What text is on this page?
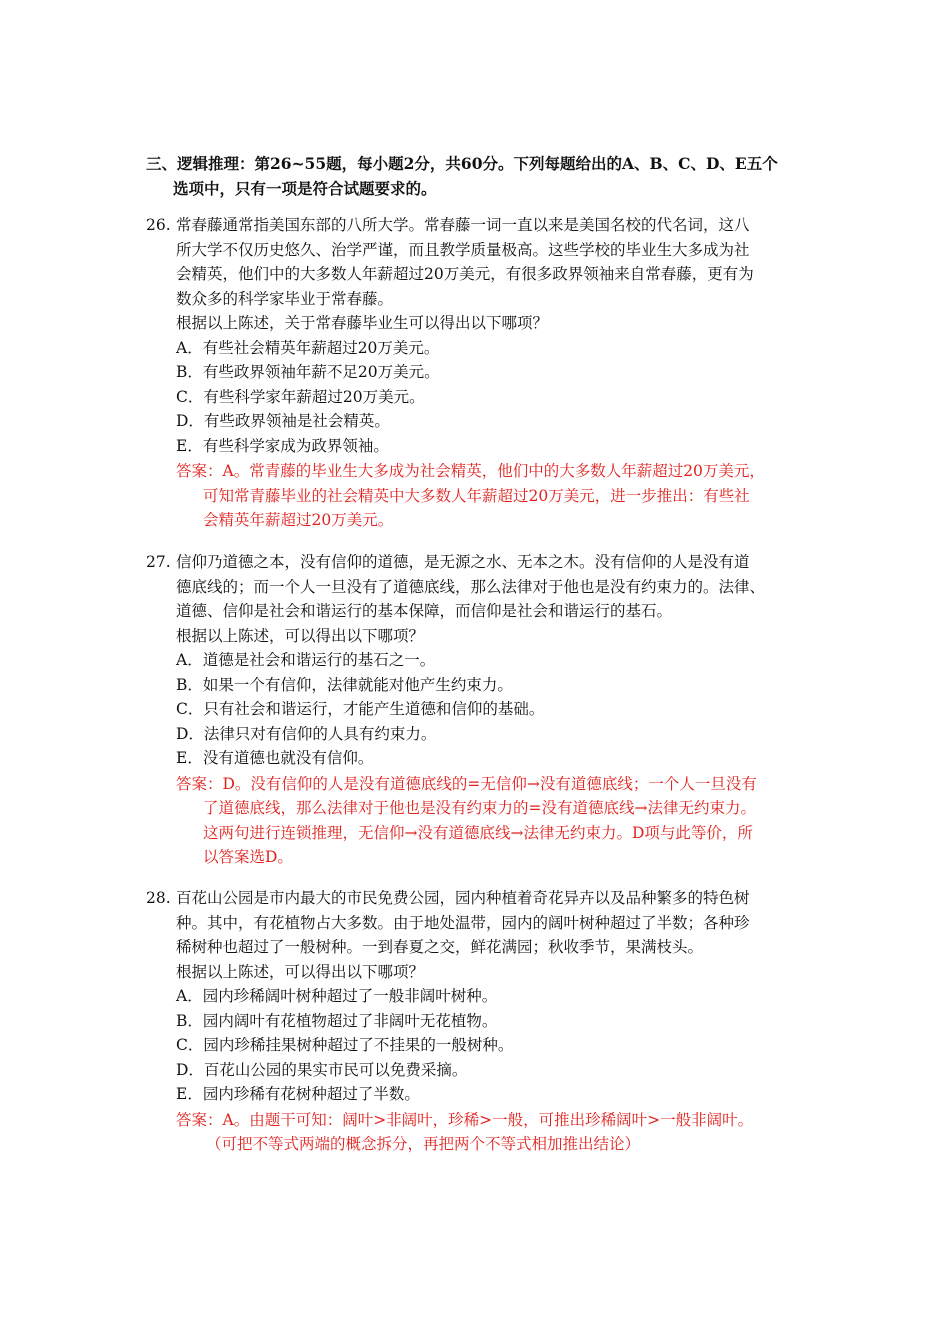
三、逻辑推理：第26~55题，每小题2分，共60分。下列每题给出的A、B、C、D、E五个
选项中，只有一项是符合试题要求的。
26. 常春藤通常指美国东部的八所大学。常春藤一词一直以来是美国名校的代名词，这八
所大学不仅历史悠久、治学严谨，而且教学质量极高。这些学校的毕业生大多成为社
会精英，他们中的大多数人年薪超过20万美元，有很多政界领袖来自常春藤，更有为
数众多的科学家毕业于常春藤。
根据以上陈述，关于常春藤毕业生可以得出以下哪项？
A．有些社会精英年薪超过20万美元。
B．有些政界领袖年薪不足20万美元。
C．有些科学家年薪超过20万美元。
D．有些政界领袖是社会精英。
E．有些科学家成为政界领袖。
答案：A。常青藤的毕业生大多成为社会精英，他们中的大多数人年薪超过20万美元，
可知常青藤毕业的社会精英中大多数人年薪超过20万美元，进一步推出：有些社
会精英年薪超过20万美元。
27. 信仰乃道德之本，没有信仰的道德，是无源之水、无本之木。没有信仰的人是没有道
德底线的；而一个人一旦没有了道德底线，那么法律对于他也是没有约束力的。法律、
道德、信仰是社会和谐运行的基本保障，而信仰是社会和谐运行的基石。
根据以上陈述，可以得出以下哪项？
A．道德是社会和谐运行的基石之一。
B．如果一个有信仰，法律就能对他产生约束力。
C．只有社会和谐运行，才能产生道德和信仰的基础。
D．法律只对有信仰的人具有约束力。
E．没有道德也就没有信仰。
答案：D。没有信仰的人是没有道德底线的=无信仰→没有道德底线；一个人一旦没有
了道德底线，那么法律对于他也是没有约束力的=没有道德底线→法律无约束力。
这两句进行连锁推理，无信仰→没有道德底线→法律无约束力。D项与此等价，所
以答案选D。
28. 百花山公园是市内最大的市民免费公园，园内种植着奇花异卉以及品种繁多的特色树
种。其中，有花植物占大多数。由于地处温带，园内的阔叶树种超过了半数；各种珍
稀树种也超过了一般树种。一到春夏之交，鲜花满园；秋收季节，果满枝头。
根据以上陈述，可以得出以下哪项？
A．园内珍稀阔叶树种超过了一般非阔叶树种。
B．园内阔叶有花植物超过了非阔叶无花植物。
C．园内珍稀挂果树种超过了不挂果的一般树种。
D．百花山公园的果实市民可以免费采摘。
E．园内珍稀有花树种超过了半数。
答案：A。由题干可知：阔叶>非阔叶，珍稀>一般，可推出珍稀阔叶>一般非阔叶。
（可把不等式两端的概念拆分，再把两个不等式相加推出结论）
